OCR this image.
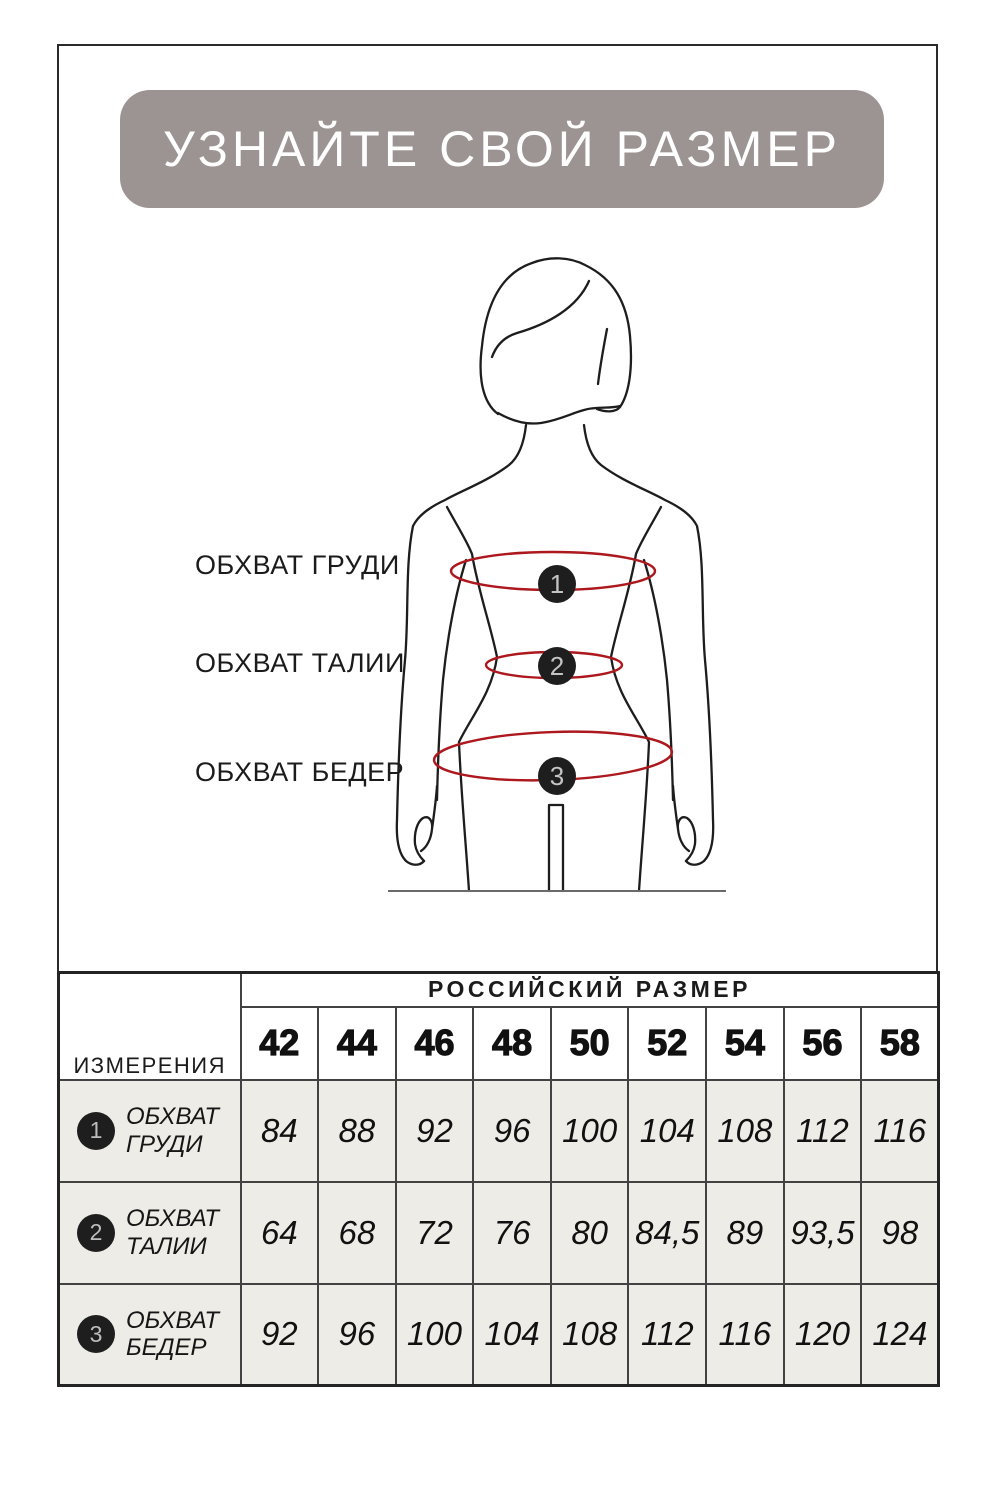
УЗНАЙТЕ СВОЙ РАЗМЕР
1
2
3
ОБХВАТ ГРУДИ
ОБХВАТ ТАЛИИ
ОБХВАТ БЕДЕР
ИЗМЕРЕНИЯ	РОССИЙСКИЙ РАЗМЕР								
	42	44	46	48	50	52	54	56	58

1
ОБХВАТ
ГРУДИ	84	88	92	96	100	104	108	112	116

2
ОБХВАТ
ТАЛИИ	64	68	72	76	80	84,5	89	93,5	98

3
ОБХВАТ
БЕДЕР	92	96	100	104	108	112	116	120	124
